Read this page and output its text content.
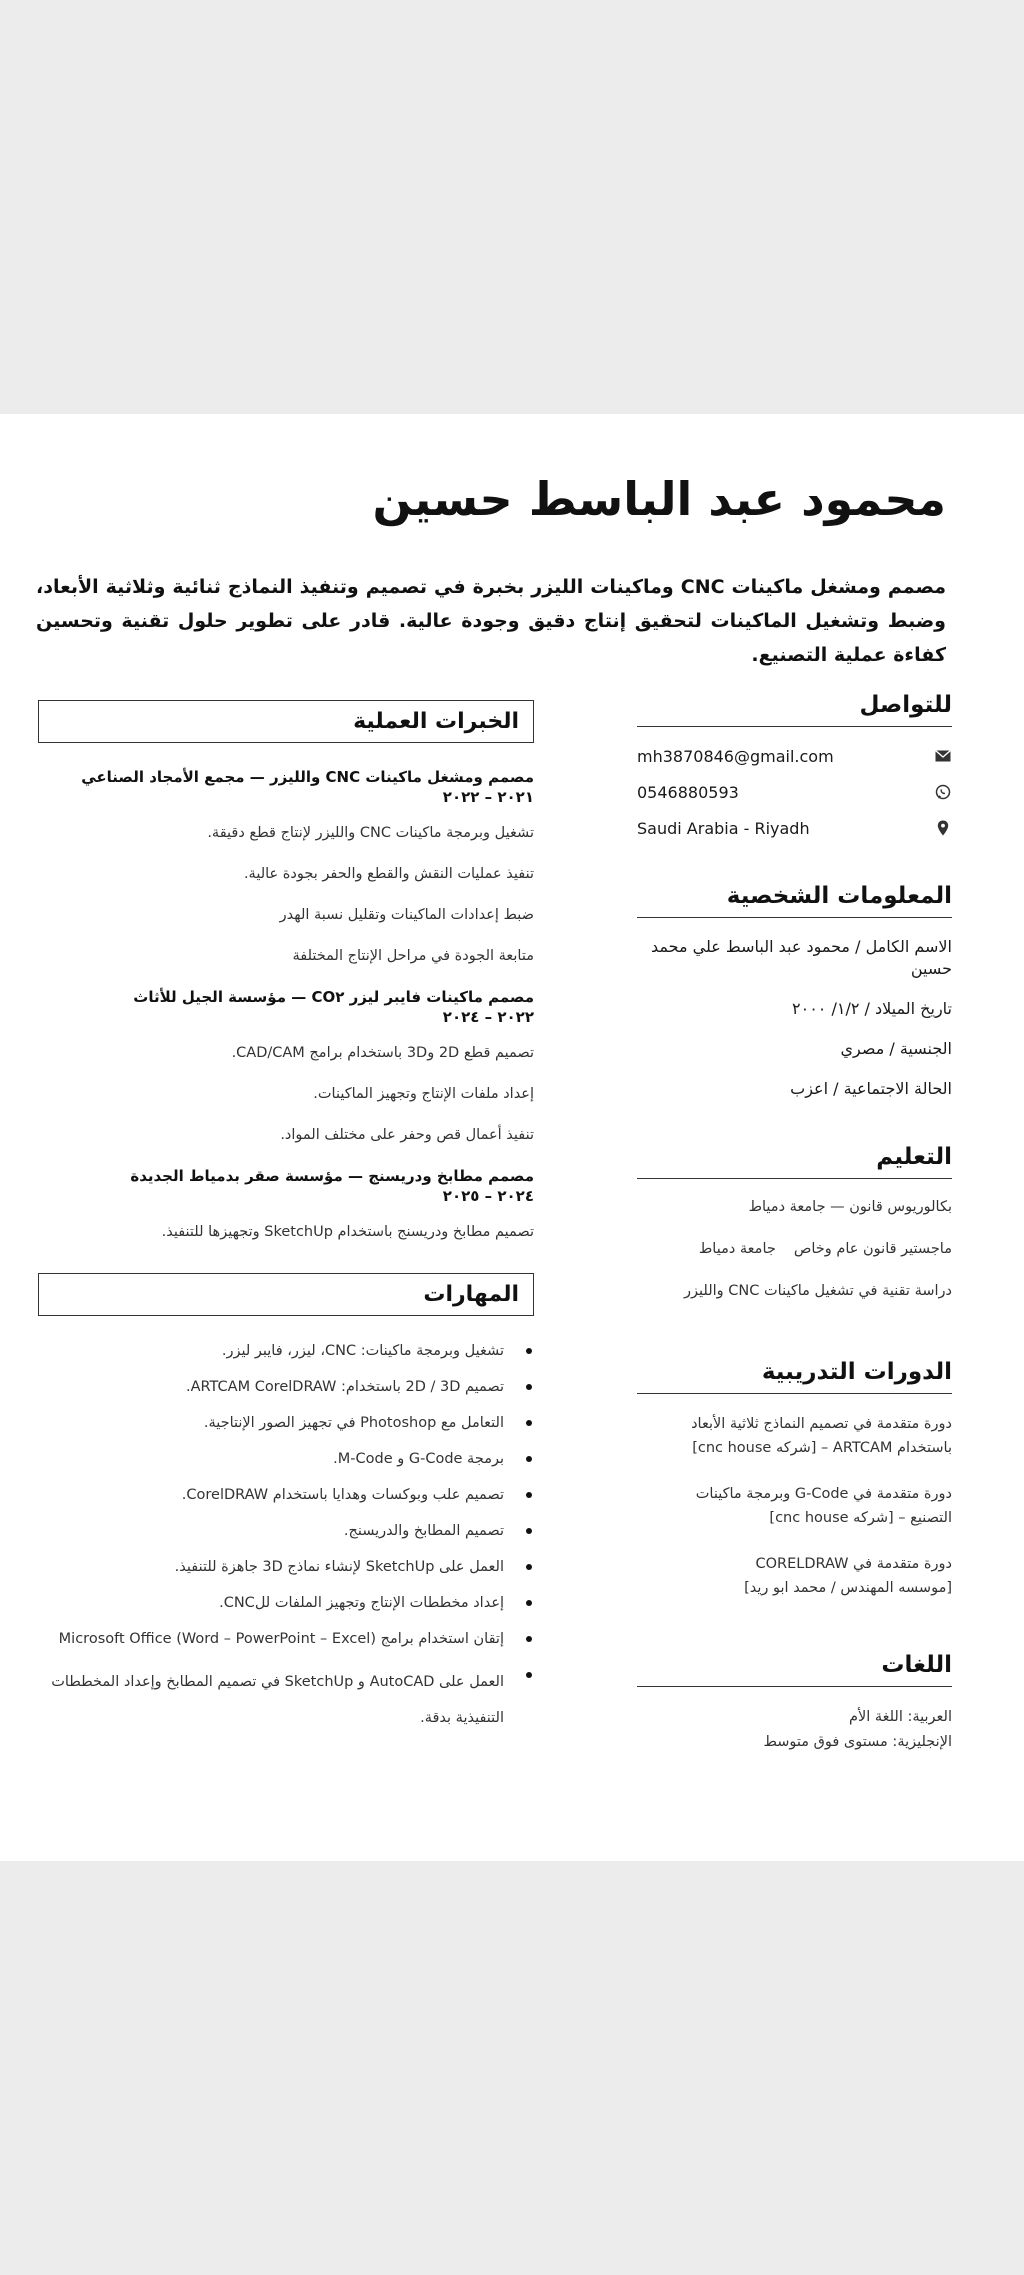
محمود عبد الباسط حسين

مصمم ومشغل ماكينات CNC وماكينات الليزر بخبرة في تصميم وتنفيذ النماذج ثنائية وثلاثية الأبعاد، وضبط وتشغيل الماكينات لتحقيق إنتاج دقيق وجودة عالية. قادر على تطوير حلول تقنية وتحسين كفاءة عملية التصنيع.

للتواصل
mh3870846@gmail.com
0546880593
Saudi Arabia - Riyadh
المعلومات الشخصية
الاسم الكامل / محمود عبد الباسط علي محمد حسين
تاريخ الميلاد / ١/٢/ ٢٠٠٠
الجنسية / مصري
الحالة الاجتماعية / اعزب
التعليم
بكالوريوس قانون — جامعة دمياط
ماجستير قانون عام وخاصجامعة دمياط
دراسة تقنية في تشغيل ماكينات CNC والليزر
الدورات التدريبية
دورة متقدمة في تصميم النماذج ثلاثية الأبعاد
باستخدام ARTCAM – [شركه cnc house]
دورة متقدمة في G-Code وبرمجة ماكينات
التصنيع – [شركه cnc house]
دورة متقدمة في CORELDRAW
[موسسه المهندس / محمد ابو ريد]
اللغات
العربية: اللغة الأم
الإنجليزية: مستوى فوق متوسط
الخبرات العملية
مصمم ومشغل ماكينات CNC والليزر — مجمع الأمجاد الصناعي
٢٠٢١ – ٢٠٢٢
تشغيل وبرمجة ماكينات CNC والليزر لإنتاج قطع دقيقة.
تنفيذ عمليات النقش والقطع والحفر بجودة عالية.
ضبط إعدادات الماكينات وتقليل نسبة الهدر
متابعة الجودة في مراحل الإنتاج المختلفة
مصمم ماكينات فايبر ليزر CO٢ — مؤسسة الجيل للأثاث
٢٠٢٢ – ٢٠٢٤
تصميم قطع 2D و3D باستخدام برامج CAD/CAM.
إعداد ملفات الإنتاج وتجهيز الماكينات.
تنفيذ أعمال قص وحفر على مختلف المواد.
مصمم مطابخ ودريسنج — مؤسسة صقر بدمياط الجديدة
٢٠٢٤ – ٢٠٢٥
تصميم مطابخ ودريسنج باستخدام SketchUp وتجهيزها للتنفيذ.
المهارات
تشغيل وبرمجة ماكينات: CNC، ليزر، فايبر ليزر.
تصميم 2D / 3D باستخدام: ARTCAM CorelDRAW.
التعامل مع Photoshop في تجهيز الصور الإنتاجية.
برمجة G-Code و M-Code.
تصميم علب وبوكسات وهدايا باستخدام CorelDRAW.
تصميم المطابخ والدريسنج.
العمل على SketchUp لإنشاء نماذج 3D جاهزة للتنفيذ.
إعداد مخططات الإنتاج وتجهيز الملفات للCNC.
إتقان استخدام برامج (Microsoft Office (Word – PowerPoint – Excel
العمل على AutoCAD و SketchUp في تصميم المطابخ وإعداد المخططات التنفيذية بدقة.
